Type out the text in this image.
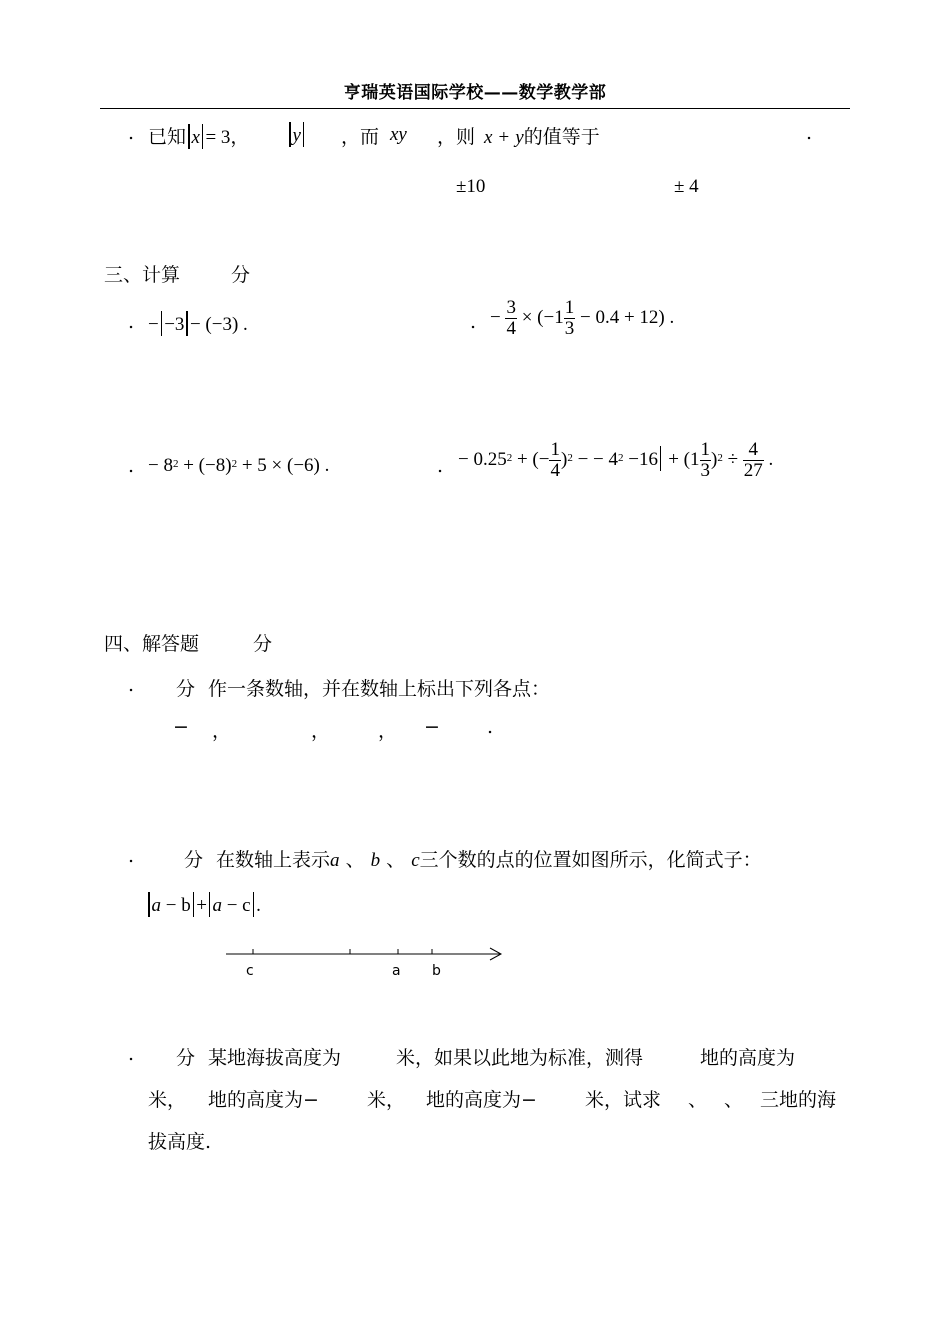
亨瑞英语国际学校——数学教学部
. 已知 x = 3， y ，而 xy ，则 x + y的值等于	.
±10	± 4
三、计算	分
. − −3 − (−3) .	. − $\frac{3}{4} \times (-1 \frac{1}{3} - 0.4 + 12)$ .
. − $8^2 + (-8)^2 + 5 \times (-6)$ .	. − $0.25^2$ + (− $\frac{1}{4} )^2$ − − $4^2 -16 + (1 \frac{1}{3} )^2 \div \frac{4}{27}$ .
四、解答题	分
. 分 作一条数轴，并在数轴上标出下列各点：
− ，	，	， − .
.	分 在数轴上表示a 、 b 、 c三个数的点的位置如图所示，化简式子：
a − b + a − c .
c	a b
. 分 某地海拔高度为	米，如果以此地为标准，测得	地的高度为
米， 地的高度为−	米， 地的高度为−	米，试求 、 、 三地的海
拔高度.
